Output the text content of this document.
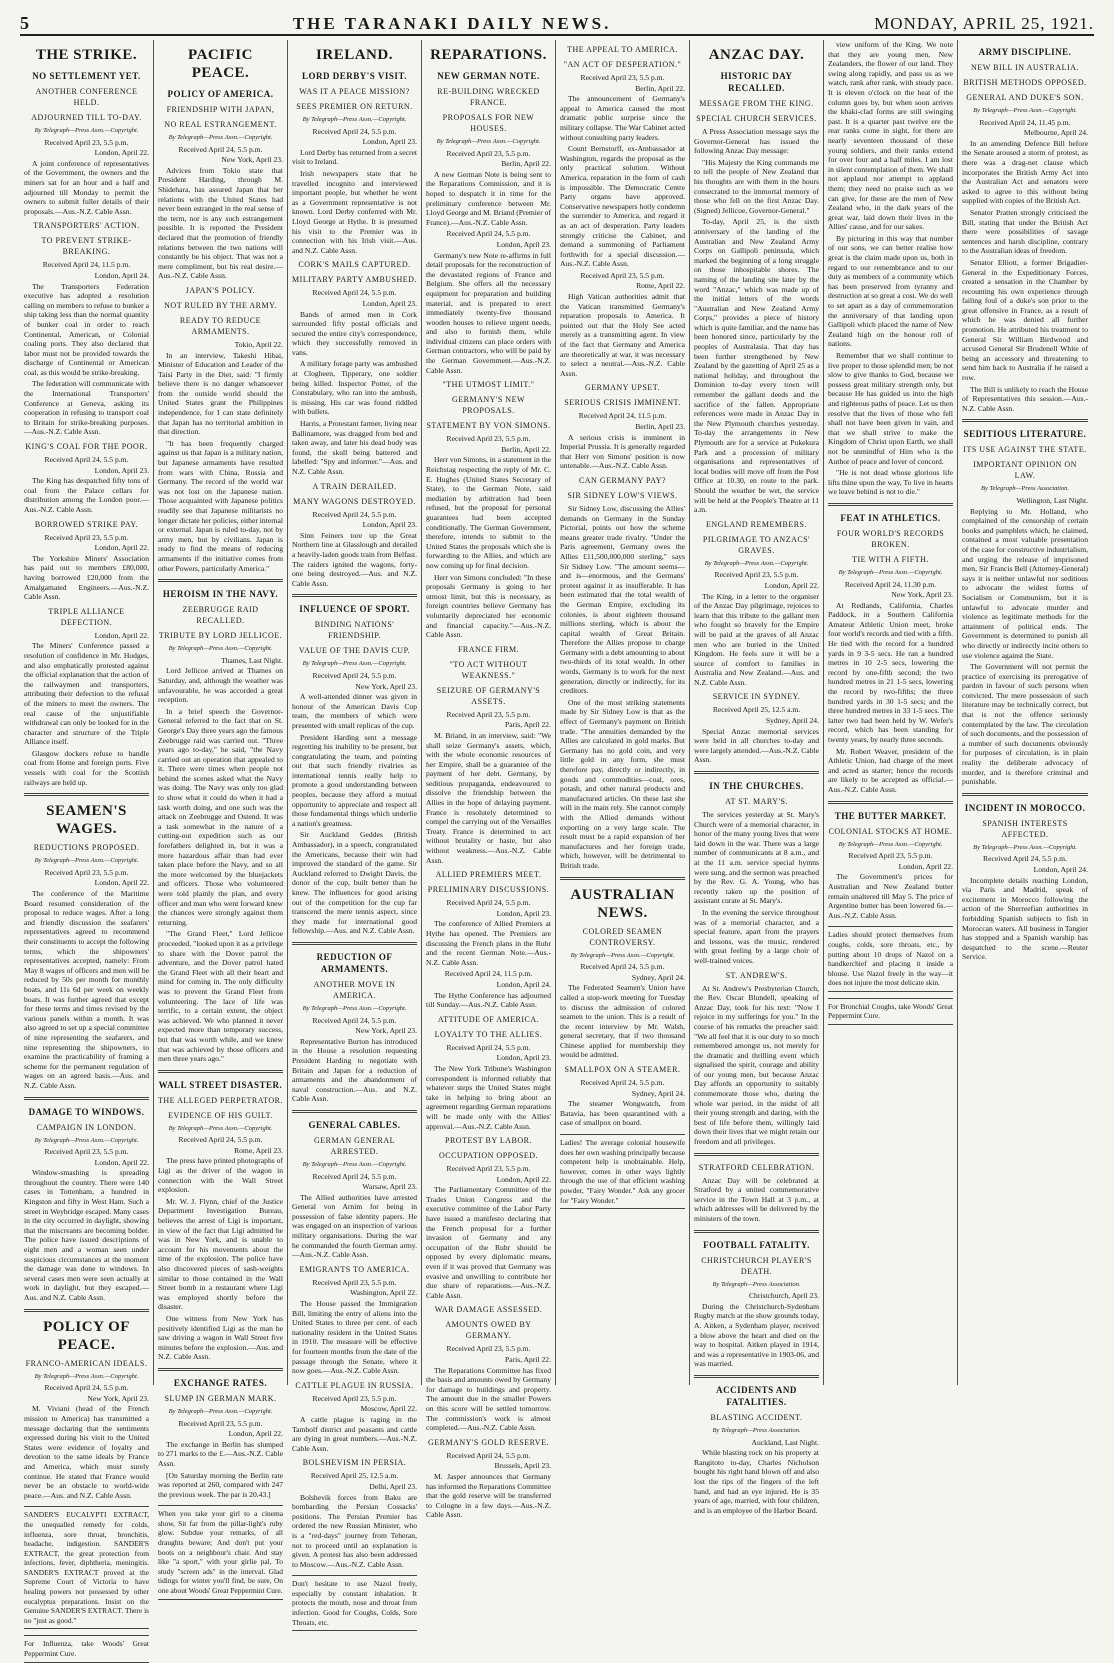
5	THE TARANAKI DAILY NEWS.	MONDAY, APRIL 25, 1921.
THE STRIKE.
NO SETTLEMENT YET.
ANOTHER CONFERENCE HELD.
ADJOURNED TILL TO-DAY.
By Telegraph—Press Assn.—Copyright.
Received April 23, 5.5 p.m.
London, April 22.
A joint conference of representatives of the Government, the owners and the miners sat for an hour and a half and adjourned till Monday to permit the owners to submit fuller details of their proposals.—Aus.-N.Z. Cable Assn.
TRANSPORTERS' ACTION.
TO PREVENT STRIKE-BREAKING.
Received April 24, 11.5 p.m.
London, April 24.
The Transporters Federation executive has adopted a resolution calling on members to refuse to bunker a ship taking less than the normal quantity of bunker coal in order to reach Continental, American, or Colonial coaling ports. They also declared that labor must not be provided towards the discharge of Continental or American coal, as this would be strike-breaking.
The federation will communicate with the International Transporters' Conference at Geneva, asking its cooperation in refusing to transport coal to Britain for strike-breaking purposes.—Aus.-N.Z. Cable Assn.
KING'S COAL FOR THE POOR.
Received April 24, 5.5 p.m.
London, April 23.
The King has despatched fifty tons of coal from the Palace cellars for distribution among the London poor.—Aus.-N.Z. Cable Assn.
BORROWED STRIKE PAY.
Received April 23, 5.5 p.m.
London, April 22.
The Yorkshire Miners' Association has paid out to members £80,000, having borrowed £20,000 from the Amalgamated Engineers.—Aus.-N.Z. Cable Assn.
TRIPLE ALLIANCE DEFECTION.
London, April 22.
The Miners' Conference passed a resolution of confidence in Mr. Hodges, and also emphatically protested against the official explanation that the action of the railwaymen and transporters, attributing their defection to the refusal of the miners to meet the owners. The real cause of the unjustifiable withdrawal can only be looked for in the character and structure of the Triple Alliance itself.
Glasgow dockers refuse to handle coal from Home and foreign ports. Five vessels with coal for the Scottish railways are held up.
SEAMEN'S WAGES.
REDUCTIONS PROPOSED.
By Telegraph—Press Assn.—Copyright.
Received April 23, 5.5 p.m.
London, April 22.
The conference of the Maritime Board resumed consideration of the proposal to reduce wages. After a long and friendly discussion the seafarers' representatives agreed to recommend their constituents to accept the following terms, which the shipowners' representatives accepted, namely: From May 8 wages of officers and men will be reduced by 50s per month for monthly boats, and 11s 6d per week on weekly boats. It was further agreed that except for these terms and times revised by the various panels within a month. It was also agreed to set up a special committee of nine representing the seafarers, and nine representing the shipowners, to examine the practicability of framing a scheme for the permanent regulation of wages on an agreed basis.—Aus. and N.Z. Cable Assn.
DAMAGE TO WINDOWS.
CAMPAIGN IN LONDON.
By Telegraph—Press Assn.—Copyright.
Received April 23, 5.5 p.m.
London, April 22.
Window-smashing is spreading throughout the country. There were 140 cases in Tottenham, a hundred in Kingston and fifty in West Ham. Such a street in Weybridge escaped. Many cases in the city occurred in daylight, showing that the miscreants are becoming bolder. The police have issued descriptions of eight men and a woman seen under suspicious circumstances at the moment the damage was done to windows. In several cases men were seen actually at work in daylight, but they escaped.—Aus. and N.Z. Cable Assn.
POLICY OF PEACE.
FRANCO-AMERICAN IDEALS.
By Telegraph—Press Assn.—Copyright.
Received April 24, 5.5 p.m.
New York, April 23.
M. Viviani (head of the French mission to America) has transmitted a message declaring that the sentiments expressed during his visit to the United States were evidence of loyalty and devotion to the same ideals by France and America, which must surely continue. He stated that France would never be an obstacle to world-wide peace.—Aus. and N.Z. Cable Assn.
SANDER'S EUCALYPTI EXTRACT, the unequalled remedy for colds, influenza, sore throat, bronchitis, headache, indigestion. SANDER'S EXTRACT, the great protection from infections, fever, diphtheria, meningitis. SANDER'S EXTRACT proved at the Supreme Court of Victoria to have healing powers not possessed by other eucalyptus preparations. Insist on the Genuine SANDER'S EXTRACT. There is no "just as good."
For Influenza, take Woods' Great Peppermint Cure.
PACIFIC PEACE.
POLICY OF AMERICA.
FRIENDSHIP WITH JAPAN,
NO REAL ESTRANGEMENT.
By Telegraph—Press Assn.—Copyright.
Received April 24, 5.5 p.m.
New York, April 23.
Advices from Tokio state that President Harding, through M. Shidehara, has assured Japan that her relations with the United States had never been estranged in the real sense of the term, nor is any such estrangement possible. It is reported the President declared that the promotion of friendly relations between the two nations will constantly be his object. That was not a mere compliment, but his real desire.—Aus.-N.Z. Cable Assn.
JAPAN'S POLICY.
NOT RULED BY THE ARMY.
READY TO REDUCE ARMAMENTS.
Tokio, April 22.
In an interview, Takeshi Hibai, Minister of Education and Leader of the Taisi Party in the Diet, said: "I firmly believe there is no danger whatsoever from the outside world should the United States grant the Philippines independence, for I can state definitely that Japan has no territorial ambition in that direction.
"It has been frequently charged against us that Japan is a military nation, but Japanese armaments have resulted from wars with China, Russia and Germany. The record of the world war was not lost on the Japanese nation. Those acquainted with Japanese politics readily see that Japanese militarists no longer dictate her policies, either internal or external. Japan is ruled to-day, not by army men, but by civilians. Japan is ready to find the means of reducing armaments if the initiative comes from other Powers, particularly America."
HEROISM IN THE NAVY.
ZEEBRUGGE RAID RECALLED.
TRIBUTE BY LORD JELLICOE.
By Telegraph—Press Assn.—Copyright.
Thames, Last Night.
Lord Jellicoe arrived at Thames on Saturday, and, although the weather was unfavourable, he was accorded a great reception.
In a brief speech the Governor-General referred to the fact that on St. George's Day three years ago the famous Zeebrugge raid was carried out. "Three years ago to-day," he said, "the Navy carried out an operation that appealed to it. There were times when people not behind the scenes asked what the Navy was doing. The Navy was only too glad to show what it could do when it had a task worth doing, and one such was the attack on Zeebrugge and Ostend. It was a task somewhat in the nature of a cutting-out expedition such as our forefathers delighted in, but it was a more hazardous affair than had ever taken place before the Navy, and so all the more welcomed by the bluejackets and officers. Those who volunteered were told plainly the plan, and every officer and man who went forward knew the chances were strongly against them returning.
"The Grand Fleet," Lord Jellicoe proceeded, "looked upon it as a privilege to share with the Dover patrol the adventure, and the Dover patrol hated the Grand Fleet with all their heart and mind for coming in. The only difficulty was to prevent the Grand Fleet from volunteering. The lace of life was terrific, to a certain extent, the object was achieved. We who planned it never expected more than temporary success, but that was worth while, and we knew that was achieved by those officers and men three years ago."
WALL STREET DISASTER.
THE ALLEGED PERPETRATOR.
EVIDENCE OF HIS GUILT.
By Telegraph—Press Assn.—Copyright.
Received April 24, 5.5 p.m.
Rome, April 23.
The press have printed photographs of Ligi as the driver of the wagon in connection with the Wall Street explosion.
Mr. W. J. Flynn, chief of the Justice Department Investigation Bureau, believes the arrest of Ligi is important, in view of the fact that Ligi admitted he was in New York, and is unable to account for his movements about the time of the explosion. The police have also discovered pieces of sash-weights similar to those contained in the Wall Street bomb in a restaurant where Ligi was employed shortly before the disaster.
One witness from New York has positively identified Ligi as the man he saw driving a wagon in Wall Street five minutes before the explosion.—Aus. and N.Z. Cable Assn.
EXCHANGE RATES.
SLUMP IN GERMAN MARK.
By Telegraph—Press Assn.—Copyright.
Received April 23, 5.5 p.m.
London, April 22.
The exchange in Berlin has slumped to 271 marks to the £.—Aus.-N.Z. Cable Assn.
[On Saturday morning the Berlin rate was reported at 260, compared with 247 the previous week. The par is 20.43.]
When you take your girl to a cinema show, Sit far from the pillar-light's ruby glow. Subdue your remarks, of all draughts beware; And don't put your boots on a neighbour's chair. And stay like "a sport," with your girlie pal, To study "screen ads" in the interval. Glad tidings for winter you'll find, be sure, On one about Woods' Great Peppermint Cure.
IRELAND.
LORD DERBY'S VISIT.
WAS IT A PEACE MISSION?
SEES PREMIER ON RETURN.
By Telegraph—Press Assn.—Copyright.
Received April 24, 5.5 p.m.
London, April 23.
Lord Derby has returned from a secret visit to Ireland.
Irish newspapers state that he travelled incognito and interviewed important people, but whether he went as a Government representative is not known. Lord Derby conferred with Mr. Lloyd George at Hythe. It is presumed his visit to the Premier was in connection with his Irish visit.—Aus. and N.Z. Cable Assn.
CORK'S MAILS CAPTURED.
MILITARY PARTY AMBUSHED.
Received April 24, 5.5 p.m.
London, April 23.
Bands of armed men in Cork surrounded fifty postal officials and secured the entire city's correspondence, which they successfully removed in vans.
A military forage party was ambushed at Clogheen, Tipperary, one soldier being killed. Inspector Potter, of the Constabulary, who ran into the ambush, is missing. His car was found riddled with bullets.
Harris, a Protestant farmer, living near Ballinamore, was dragged from bed and taken away, and later his dead body was found, the skull being battered and labelled: "Spy and informer."—Aus. and N.Z. Cable Assn.
A TRAIN DERAILED.
MANY WAGONS DESTROYED.
Received April 24, 5.5 p.m.
London, April 23.
Sinn Feiners tore up the Great Northern line at Glasslough and derailed a heavily-laden goods train from Belfast. The raiders ignited the wagons, forty-one being destroyed.—Aus. and N.Z. Cable Assn.
INFLUENCE OF SPORT.
BINDING NATIONS' FRIENDSHIP.
VALUE OF THE DAVIS CUP.
By Telegraph—Press Assn.—Copyright.
Received April 24, 5.5 p.m.
New York, April 23.
A well-attended dinner was given in honour of the American Davis Cup team, the members of which were presented with small replicas of the cup.
President Harding sent a message regretting his inability to be present, but congratulating the team, and pointing out that such friendly rivalries as international tennis really help to promote a good understanding between peoples, because they afford a mutual opportunity to appreciate and respect all those fundamental things which underlie a nation's greatness.
Sir Auckland Geddes (British Ambassador), in a speech, congratulated the Americans, because their win had improved the standard of the game. Sir Auckland referred to Dwight Davis, the donor of the cup, built better than he knew. The influences for good arising out of the competition for the cup far transcend the mere tennis aspect, since they made for international good fellowship.—Aus. and N.Z. Cable Assn.
REDUCTION OF ARMAMENTS.
ANOTHER MOVE IN AMERICA.
By Telegraph—Press Assn.—Copyright.
Received April 24, 5.5 p.m.
New York, April 23.
Representative Burton has introduced in the House a resolution requesting President Harding to negotiate with Britain and Japan for a reduction of armaments and the abandonment of naval construction.—Aus. and N.Z. Cable Assn.
GENERAL CABLES.
GERMAN GENERAL ARRESTED.
By Telegraph—Press Assn.—Copyright.
Received April 24, 5.5 p.m.
Warsaw, April 23.
The Allied authorities have arrested General von Arnim for being in possession of false identity papers. He was engaged on an inspection of various military organisations. During the war he commanded the fourth German army.—Aus.-N.Z. Cable Assn.
EMIGRANTS TO AMERICA.
Received April 23, 5.5 p.m.
Washington, April 22.
The House passed the Immigration Bill, limiting the entry of aliens into the United States to three per cent. of each nationality resident in the United States in 1910. The measure will be effective for fourteen months from the date of the passage through the Senate, where it now goes.—Aus.-N.Z. Cable Assn.
CATTLE PLAGUE IN RUSSIA.
Received April 23, 5.5 p.m.
Moscow, April 22.
A cattle plague is raging in the Tambolf district and peasants and cattle are dying in great numbers.—Aus.-N.Z. Cable Assn.
BOLSHEVISM IN PERSIA.
Received April 25, 12.5 a.m.
Delhi, April 23.
Bolshevik forces from Baku are bombarding the Persian Cossacks' positions. The Persian Premier has ordered the new Russian Minister, who is a "red-days" journey from Teheran, not to proceed until an explanation is given. A protest has also been addressed to Moscow.—Aus.-N.Z. Cable Assn.
Don't hesitate to use Nazol freely, especially by constant inhalation. It protects the mouth, nose and throat from infection. Good for Coughs, Colds, Sore Throats, etc.
REPARATIONS.
NEW GERMAN NOTE.
RE-BUILDING WRECKED FRANCE.
PROPOSALS FOR NEW HOUSES.
By Telegraph—Press Assn.—Copyright.
Received April 23, 5.5 p.m.
Berlin, April 22.
A new German Note is being sent to the Reparations Commission, and it is hoped to despatch it in time for the preliminary conference between Mr. Lloyd George and M. Briand (Premier of France).—Aus.-N.Z. Cable Assn.
Received April 24, 5.5 p.m.
London, April 23.
Germany's new Note re-affirms in full detail proposals for the reconstruction of the devastated regions of France and Belgium. She offers all the necessary equipment for preparation and building material, and is prepared to erect immediately twenty-five thousand wooden houses to relieve urgent needs, and also to furnish them, while individual citizens can place orders with German contractors, who will be paid by the German Government.—Aus.-N.Z. Cable Assn.
"THE UTMOST LIMIT."
GERMANY'S NEW PROPOSALS.
STATEMENT BY VON SIMONS.
Received April 23, 5.5 p.m.
Berlin, April 22.
Herr von Simons, in a statement in the Reichstag respecting the reply of Mr. C. E. Hughes (United States Secretary of State), to the German Note, said mediation by arbitration had been refused, but the proposal for personal guarantees had been accepted conditionally. The German Government, therefore, intends to submit to the United States the proposals which she is forwarding to the Allies, and which are now coming up for final decision.
Herr von Simons concluded: "In these proposals Germany is going to her utmost limit, but this is necessary, as foreign countries believe Germany has voluntarily depreciated her economic and financial capacity."—Aus.-N.Z. Cable Assn.
FRANCE FIRM.
"TO ACT WITHOUT WEAKNESS."
SEIZURE OF GERMANY'S ASSETS.
Received April 23, 5.5 p.m.
Paris, April 22.
M. Briand, in an interview, said: "We shall seize Germany's assets, which, with the whole economic resources of her Empire, shall be a guarantee of the payment of her debt. Germany, by seditious propaganda, endeavoured to dissolve the friendship between the Allies in the hope of delaying payment. France is resolutely determined to compel the carrying out of the Versailles Treaty. France is determined to act without brutality or haste, but also without weakness.—Aus.-N.Z. Cable Assn.
ALLIED PREMIERS MEET.
PRELIMINARY DISCUSSIONS.
Received April 24, 5.5 p.m.
London, April 23.
The conference of Allied Premiers at Hythe has opened. The Premiers are discussing the French plans in the Ruhr and the recent German Note.—Aus.-N.Z. Cable Assn.
Received April 24, 11.5 p.m.
London, April 24.
The Hythe Conference has adjourned till Sunday.—Aus.-N.Z. Cable Assn.
ATTITUDE OF AMERICA.
LOYALTY TO THE ALLIES.
Received April 24, 5.5 p.m.
London, April 23.
The New York Tribune's Washington correspondent is informed reliably that whatever steps the United States might take in helping to bring about an agreement regarding German reparations will be made only with the Allies' approval.—Aus.-N.Z. Cable Assn.
PROTEST BY LABOR.
OCCUPATION OPPOSED.
Received April 23, 5.5 p.m.
London, April 22.
The Parliamentary Committee of the Trades Union Congress and the executive committee of the Labor Party have issued a manifesto declaring that the French proposal for a further invasion of Germany and any occupation of the Ruhr should be opposed by every diplomatic means, even if it was proved that Germany was evasive and unwilling to contribute her due share of reparations.—Aus.-N.Z. Cable Assn.
WAR DAMAGE ASSESSED.
AMOUNTS OWED BY GERMANY.
Received April 23, 5.5 p.m.
Paris, April 22.
The Reparations Committee has fixed the basis and amounts owed by Germany for damage to buildings and property. The amount due in the smaller Powers on this score will be settled tomorrow. The commission's work is almost completed.—Aus.-N.Z. Cable Assn.
GERMANY'S GOLD RESERVE.
Received April 24, 5.5 p.m.
Brussels, April 23.
M. Jasper announces that Germany has informed the Reparations Committee that the gold reserve will be transferred to Cologne in a few days.—Aus.-N.Z. Cable Assn.
THE APPEAL TO AMERICA.
"AN ACT OF DESPERATION."
Received April 23, 5.5 p.m.
Berlin, April 22.
The announcement of Germany's appeal to America caused the most dramatic public surprise since the military collapse. The War Cabinet acted without consulting party leaders.
Count Bernstorff, ex-Ambassador at Washington, regards the proposal as the only practical solution. Without America, reparation in the form of cash is impossible. The Democratic Centre Party organs have approved. Conservative newspapers hotly condemn the surrender to America, and regard it as an act of desperation. Party leaders strongly criticise the Cabinet, and demand a summoning of Parliament forthwith for a special discussion.—Aus.-N.Z. Cable Assn.
Received April 23, 5.5 p.m.
Rome, April 22.
High Vatican authorities admit that the Vatican transmitted Germany's reparation proposals to America. It pointed out that the Holy See acted merely as a transmitting agent. In view of the fact that Germany and America are theoretically at war, it was necessary to select a neutral.—Aus.-N.Z. Cable Assn.
GERMANY UPSET.
SERIOUS CRISIS IMMINENT.
Received April 24, 11.5 p.m.
Berlin, April 23.
A serious crisis is imminent in Imperial Prussia. It is generally regarded that Herr von Simons' position is now untenable.—Aus.-N.Z. Cable Assn.
CAN GERMANY PAY?
SIR SIDNEY LOW'S VIEWS.
Sir Sidney Low, discussing the Allies' demands on Germany in the Sunday Pictorial, points out how the scheme means greater trade rivalry. "Under the Paris agreement, Germany owes the Allies £11,500,000,000 sterling," says Sir Sidney Low. "The amount seems—and is—enormous, and the Germans' protest against it as insufferable. It has been estimated that the total wealth of the German Empire, excluding its colonies, is about eighteen thousand millions sterling, which is about the capital wealth of Great Britain. Therefore the Allies propose to charge Germany with a debt amounting to about two-thirds of its total wealth. In other words, Germany is to work for the next generation, directly or indirectly, for its creditors.
One of the most striking statements made by Sir Sidney Low is that as the effect of Germany's payment on British trade. "The annuities demanded by the Allies are calculated in gold marks. But Germany has no gold coin, and very little gold in any form, she must therefore pay, directly or indirectly, in goods and commodities—coal, ores, potash, and other natural products and manufactured articles. On these last she will in the main rely. She cannot comply with the Allied demands without exporting on a very large scale. The result must be a rapid expansion of her manufactures and her foreign trade, which, however, will be detrimental to British trade.
AUSTRALIAN NEWS.
COLORED SEAMEN CONTROVERSY.
By Telegraph—Press Assn.—Copyright.
Received April 24, 5.5 p.m.
Sydney, April 24.
The Federated Seamen's Union have called a stop-work meeting for Tuesday to discuss the admission of colored seamen to the union. This is a result of the recent interview by Mr. Walsh, general secretary, that if two thousand Chinese applied for membership they would be admitted.
SMALLPOX ON A STEAMER.
Received April 24, 5.5 p.m.
Sydney, April 24.
The steamer Wongwatch, from Batavia, has been quarantined with a case of smallpox on board.
Ladies! The average colonial housewife does her own washing principally because competent help is unobtainable. Help, however, comes in other ways lightly through the use of that efficient washing powder, "Fairy Wonder." Ask any grocer for "Fairy Wonder."
ANZAC DAY.
HISTORIC DAY RECALLED.
MESSAGE FROM THE KING.
SPECIAL CHURCH SERVICES.
A Press Association message says the Governor-General has issued the following Anzac Day message:
"His Majesty the King commands me to tell the people of New Zealand that his thoughts are with them in the hours consecrated to the immortal memory of those who fell on the first Anzac Day. (Signed) Jellicoe, Governor-General."
To-day, April 25, is the sixth anniversary of the landing of the Australian and New Zealand Army Corps on Gallipoli peninsula, which marked the beginning of a long struggle on those inhospitable shores. The naming of the landing site later by the word "Anzac," which was made up of the initial letters of the words "Australian and New Zealand Army Corps," provides a piece of history which is quite familiar, and the name has been honored since, particularly by the peoples of Australasia. That day has been further strengthened by New Zealand by the gazetting of April 25 as a national holiday, and throughout the Dominion to-day every town will remember the gallant deeds and the sacrifice of the fallen. Appropriate references were made in Anzac Day in the New Plymouth churches yesterday. To-day the arrangements in New Plymouth are for a service at Pukekura Park and a procession of military organisations and representatives of local bodies will move off from the Post Office at 10.30, en route to the park. Should the weather be wet, the service will be held at the People's Theatre at 11 a.m.
ENGLAND REMEMBERS.
PILGRIMAGE TO ANZACS' GRAVES.
By Telegraph—Press Assn.—Copyright.
Received April 23, 5.5 p.m.
London, April 22.
The King, in a letter to the organiser of the Anzac Day pilgrimage, rejoices to learn that this tribute to the gallant men who fought so bravely for the Empire will be paid at the graves of all Anzac men who are buried in the United Kingdom. He feels sure it will be a source of comfort to families in Australia and New Zealand.—Aus. and N.Z. Cable Assn.
SERVICE IN SYDNEY.
Received April 25, 12.5 a.m.
Sydney, April 24.
Special Anzac memorial services were held in all churches to-day and were largely attended.—Aus.-N.Z. Cable Assn.
IN THE CHURCHES.
AT ST. MARY'S.
The services yesterday at St. Mary's Church were of a memorial character, in honor of the many young lives that were laid down in the war. There was a large number of communicants at 8 a.m., and at the 11 a.m. service special hymns were sung, and the sermon was preached by the Rev. G. A. Young, who has recently taken up the position of assistant curate at St. Mary's.
In the evening the service throughout was of a memorial character, and a special feature, apart from the prayers and lessons, was the music, rendered with great feeling by a large choir of well-trained voices.
ST. ANDREW'S.
At St. Andrew's Presbyterian Church, the Rev. Oscar Blundell, speaking of Anzac Day, took for his text: "Now I rejoice in my sufferings for you." In the course of his remarks the preacher said: "We all feel that it is our duty to so much remembered amongst us, not merely for the dramatic and thrilling event which signalised the spirit, courage and ability of our young men, but because Anzac Day affords an opportunity to suitably commemorate those who, during the whole war period, in the midst of all their young strength and daring, with the best of life before them, willingly laid down their lives that we might retain our freedom and all privileges.
STRATFORD CELEBRATION.
Anzac Day will be celebrated at Stratford by a united commemorative service in the Town Hall at 3 p.m., at which addresses will be delivered by the ministers of the town.
FOOTBALL FATALITY.
CHRISTCHURCH PLAYER'S DEATH.
By Telegraph—Press Association.
Christchurch, April 23.
During the Christchurch-Sydenham Rugby match at the show grounds today, A. Aitken, a Sydenham player, received a blow above the heart and died on the way to hospital. Aitken played in 1914, and was a representative in 1903-06, and was married.
ACCIDENTS AND FATALITIES.
BLASTING ACCIDENT.
By Telegraph—Press Association.
Auckland, Last Night.
While blasting rock on his property at Rangitoto to-day, Charles Nicholson bought his right hand blown off and also lost the tips of the fingers of the left hand, and had an eye injured. He is 35 years of age, married, with four children, and is an employee of the Harbor Board.
view uniform of the King. We note that they are young men, New Zealanders, the flower of our land. They swing along rapidly, and pass us as we watch, rank after rank, with steady pace. It is eleven o'clock on the heat of the column goes by, but when soon arrives the khaki-clad forms are still swinging past. It is a quarter past twelve ere the rear ranks come in sight, for there are nearly seventeen thousand of these young soldiers, and their ranks extend for over four and a half miles. I am lost in silent contemplation of them. We shall not applaud nor attempt to applaud them; they need no praise such as we can give, for these are the men of New Zealand who, in the dark years of the great war, laid down their lives in the Allies' cause, and for our sakes.
By picturing in this way that number of our sons, we can better realise how great is the claim made upon us, both in regard to our remembrance and to our duty as members of a community which has been preserved from tyranny and destruction at so great a cost. We do well to set apart as a day of commemoration the anniversary of that landing upon Gallipoli which placed the name of New Zealand high on the honour roll of nations.
Remember that we shall continue to live proper to those splendid men; be not slow to give thanks to God, because we possess great military strength only, but because He has guided us into the high and righteous paths of peace. Let us then resolve that the lives of those who fell shall not have been given in vain, and that we shall strive to make the Kingdom of Christ upon Earth, we shall not be unmindful of Him who is the Author of peace and lover of concord.
"He is not dead whose glorious life lifts thine upon the way, To live in hearts we leave behind is not to die."
FEAT IN ATHLETICS.
FOUR WORLD'S RECORDS BROKEN.
TIE WITH A FIFTH.
By Telegraph—Press Assn.—Copyright.
Received April 24, 11.30 p.m.
New York, April 23.
At Redlands, California, Charles Paddock, in a Southern California Amateur Athletic Union meet, broke four world's records and tied with a fifth. He tied with the record for a hundred yards in 9 3-5 secs. He ran a hundred metres in 10 2-5 secs, lowering the record by one-fifth second; the two hundred metres in 21 1-5 secs, lowering the record by two-fifths; the three hundred yards in 30 1-5 secs; and the three hundred metres in 33 1-5 secs. The latter two had been held by W. Wefer's record, which has been standing for twenty years, by nearly three seconds.
Mr. Robert Weaver, president of the Athletic Union, had charge of the meet and acted as starter; hence the records are likely to be accepted as official.—Aus.-N.Z. Cable Assn.
THE BUTTER MARKET.
COLONIAL STOCKS AT HOME.
By Telegraph—Press Assn.—Copyright.
Received April 23, 5.5 p.m.
London, April 22.
The Government's prices for Australian and New Zealand butter remain unaltered till May 5. The price of Argentine butter has been lowered 6s.—Aus.-N.Z. Cable Assn.
Ladies should protect themselves from coughs, colds, sore throats, etc., by putting about 10 drops of Nazol on a handkerchief and placing it inside a blouse. Use Nazol freely in the way—it does not injure the most delicate skin.
For Bronchial Coughs, take Woods' Great Peppermint Cure.
ARMY DISCIPLINE.
NEW BILL IN AUSTRALIA.
BRITISH METHODS OPPOSED.
GENERAL AND DUKE'S SON.
By Telegraph—Press Assn.—Copyright.
Received April 24, 11.45 p.m.
Melbourne, April 24.
In an amending Defence Bill before the Senate aroused a storm of protest, as there was a drag-net clause which incorporates the British Army Act into the Australian Act and senators were asked to agree to this without being supplied with copies of the British Act.
Senator Pratten strongly criticised the Bill, stating that under the British Act there were possibilities of savage sentences and harsh discipline, contrary to the Australian ideas of freedom.
Senator Elliott, a former Brigadier-General in the Expeditionary Forces, created a sensation in the Chamber by recounting his own experience through failing foul of a duke's son prior to the great offensive in France, as a result of which he was denied all further promotion. He attributed his treatment to General Sir William Birdwood and accused General Sir Brudenell White of being an accessory and threatening to send him back to Australia if he raised a row.
The Bill is unlikely to reach the House of Representatives this session.—Aus.-N.Z. Cable Assn.
SEDITIOUS LITERATURE.
ITS USE AGAINST THE STATE.
IMPORTANT OPINION ON LAW.
By Telegraph—Press Association.
Wellington, Last Night.
Replying to Mr. Holland, who complained of the censorship of certain books and pamphlets which, he claimed, contained a most valuable presentation of the case for constructive industrialism, and urging the release of imprisoned men, Sir Francis Bell (Attorney-General) says it is neither unlawful nor seditious to advocate the widest forms of Socialism or Communism, but it is unlawful to advocate murder and violence as legitimate methods for the attainment of political ends. The Government is determined to punish all who directly or indirectly incite others to use violence against the State.
The Government will not permit the practice of exercising its prerogative of pardon in favour of such persons when convicted. The mere possession of such literature may be technically correct, but that is not the offence seriously contemplated by the law. The circulation of such documents, and the possession of a number of such documents obviously for purposes of circulation, is in plain reality the deliberate advocacy of murder, and is therefore criminal and punishable.
INCIDENT IN MOROCCO.
SPANISH INTERESTS AFFECTED.
By Telegraph—Press Assn.—Copyright.
Received April 24, 5.5 p.m.
London, April 24.
Incomplete details reaching London, via Paris and Madrid, speak of excitement in Morocco following the action of the Sherreefian authorities in forbidding Spanish subjects to fish in Moroccan waters. All business in Tangier has stopped and a Spanish warship has despatched to the scene.—Reuter Service.
